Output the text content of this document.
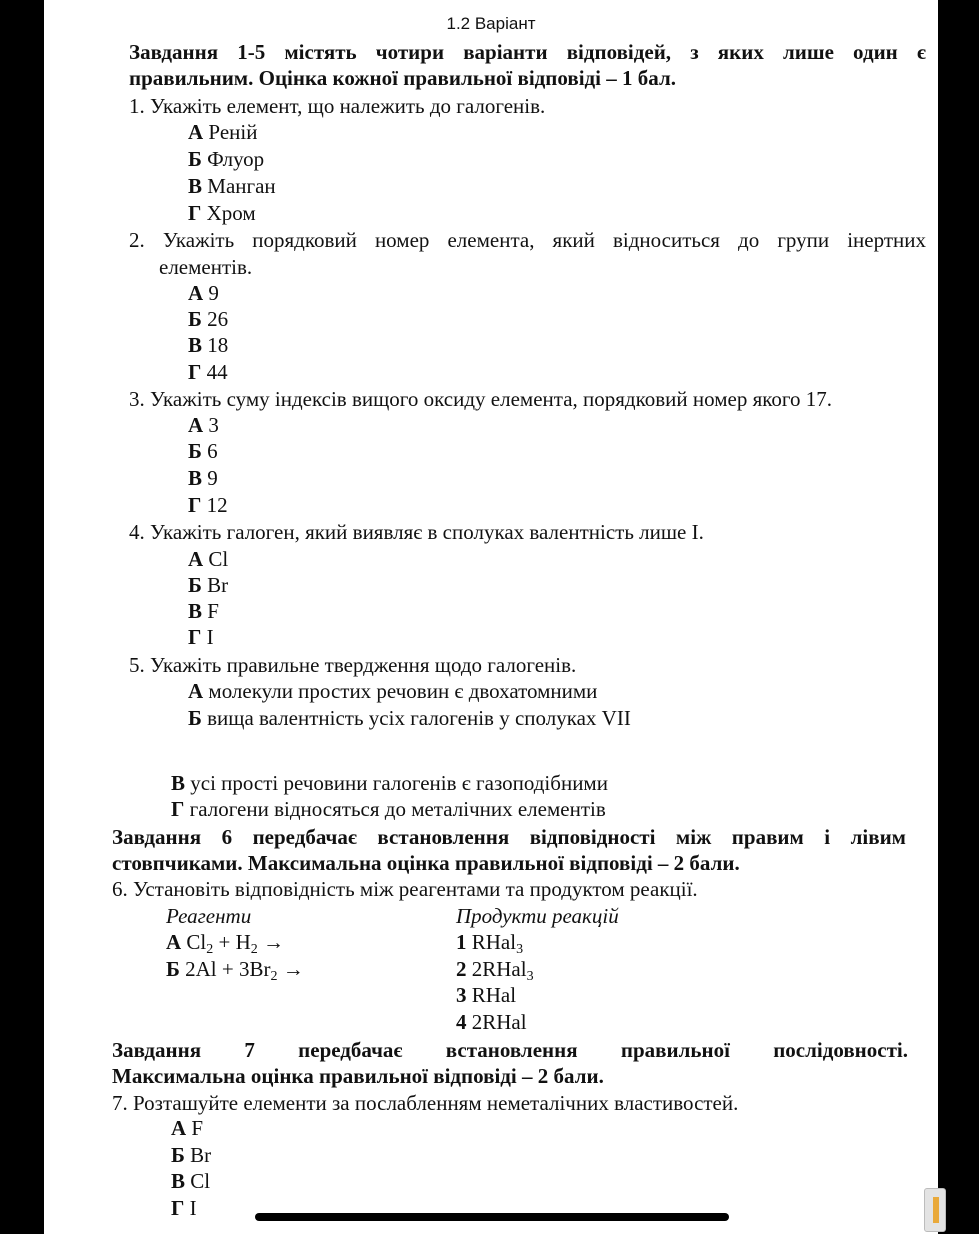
1.2 Варіант
Завдання 1-5 містять чотири варіанти відповідей, з яких лише один є
правильним. Оцінка кожної правильної відповіді – 1 бал.
1. Укажіть елемент, що належить до галогенів.
А Реній
Б Флуор
В Манган
Г Хром
2. Укажіть порядковий номер елемента, який відноситься до групи інертних
елементів.
А 9
Б 26
В 18
Г 44
3. Укажіть суму індексів вищого оксиду елемента, порядковий номер якого 17.
А 3
Б 6
В 9
Г 12
4. Укажіть галоген, який виявляє в сполуках валентність лише I.
А Cl
Б Br
В F
Г I
5. Укажіть правильне твердження щодо галогенів.
А молекули простих речовин є двохатомними
Б вища валентність усіх галогенів у сполуках VII
В усі прості речовини галогенів є газоподібними
Г галогени відносяться до металічних елементів
Завдання 6 передбачає встановлення відповідності між правим і лівим
стовпчиками. Максимальна оцінка правильної відповіді – 2 бали.
6. Установіть відповідність між реагентами та продуктом реакції.
Реагенти	Продукти реакцій
А $Cl_2 + H_2$ →
Б $2Al + 3Br_2$ →
1 RHal$_3$
2 2RHal$_3$
3 RHal
4 2RHal
Завдання 7 передбачає встановлення правильної послідовності.
Максимальна оцінка правильної відповіді – 2 бали.
7. Розташуйте елементи за послабленням неметалічних властивостей.
А F
Б Br
В Cl
Г I
